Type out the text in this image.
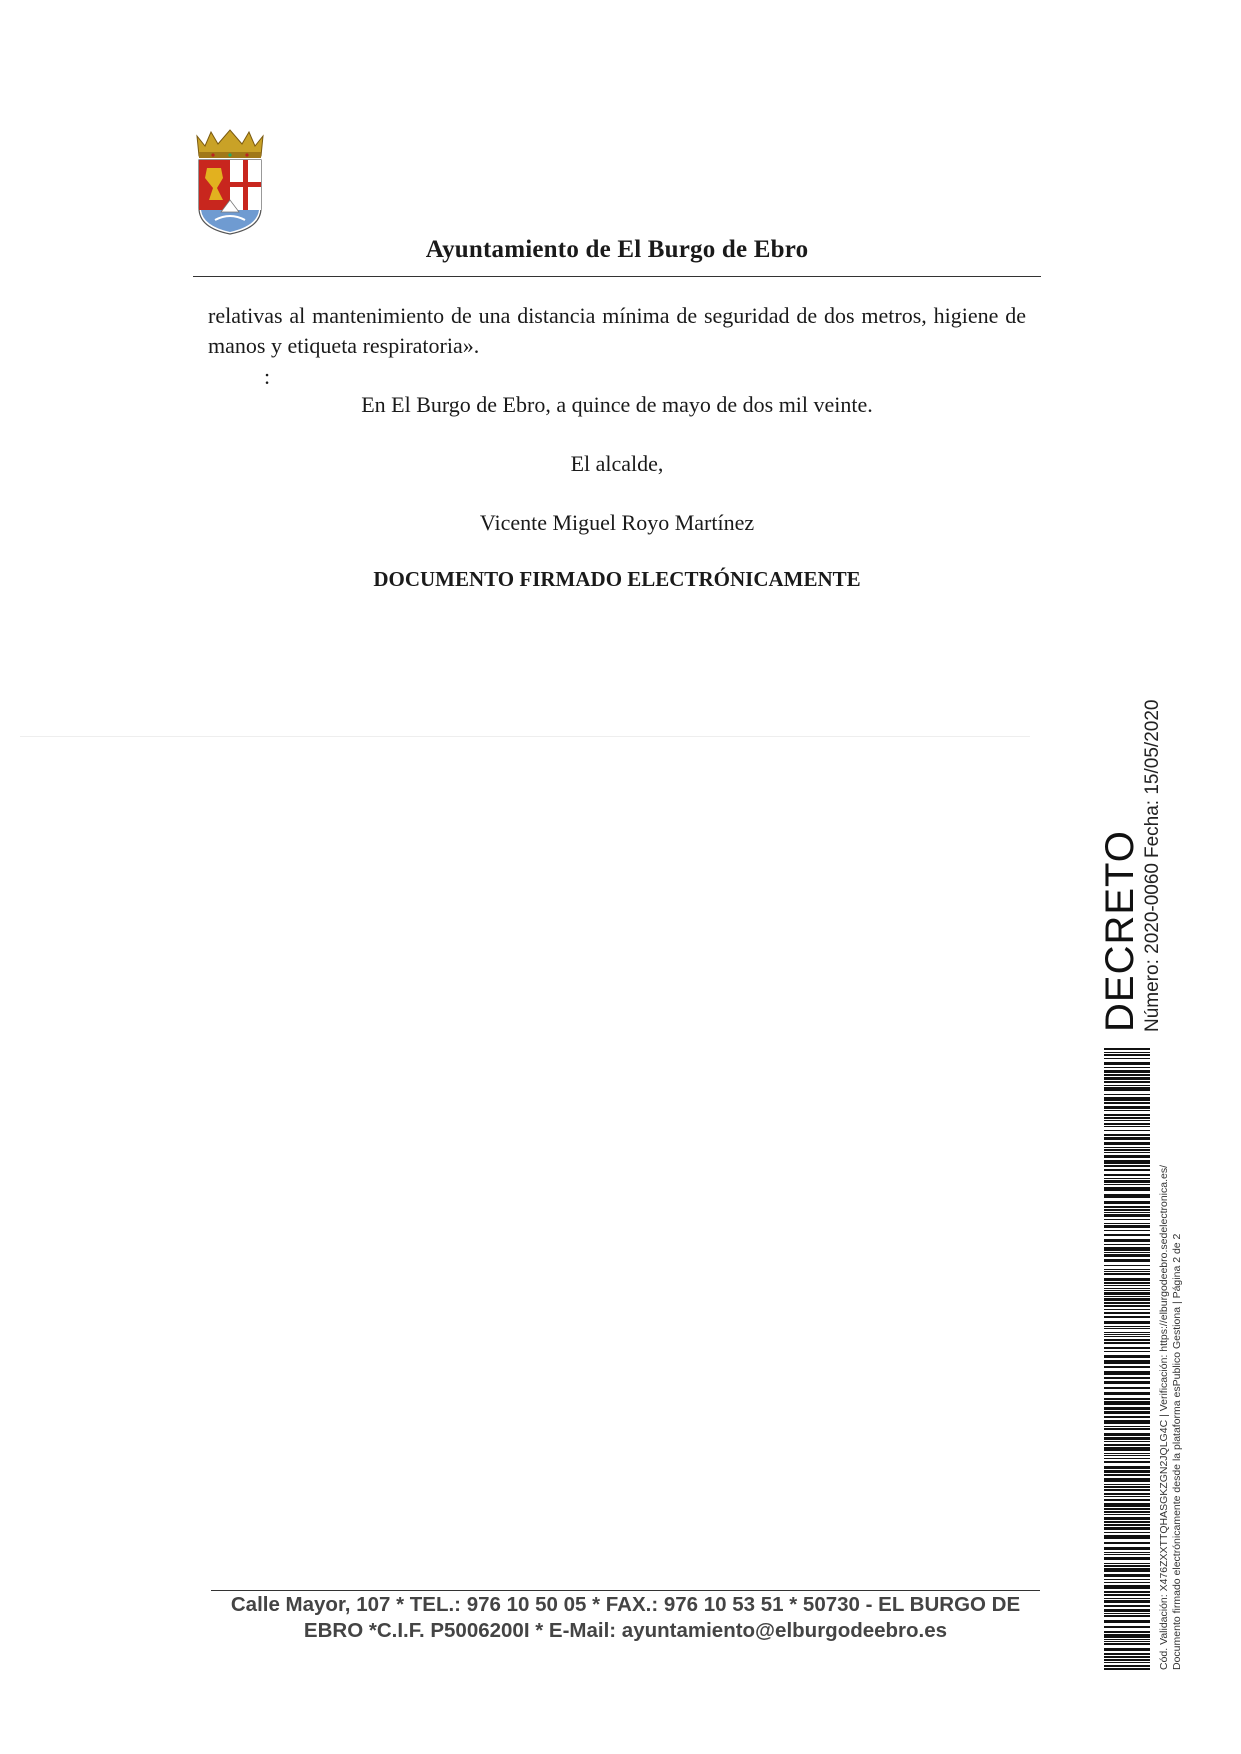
Ayuntamiento de El Burgo de Ebro
relativas al mantenimiento de una distancia mínima de seguridad de dos metros, higiene de manos y etiqueta respiratoria».
:
En El Burgo de Ebro, a quince de mayo de dos mil veinte.
El alcalde,
Vicente Miguel Royo Martínez
DOCUMENTO FIRMADO ELECTRÓNICAMENTE
Calle Mayor, 107 * TEL.: 976 10 50 05 * FAX.: 976 10 53 51 * 50730 - EL BURGO DE
EBRO *C.I.F. P5006200I * E-Mail: ayuntamiento@elburgodeebro.es
DECRETO Número: 2020-0060
Fecha: 15/05/2020
Cód. Validación: X476ZXXTTQHASGKZGN2JQLG4C | Verificación: https://elburgodeebro.sedelectronica.es/ Documento firmado electrónicamente desde la plataforma esPublico Gestiona | Página 2 de 2
